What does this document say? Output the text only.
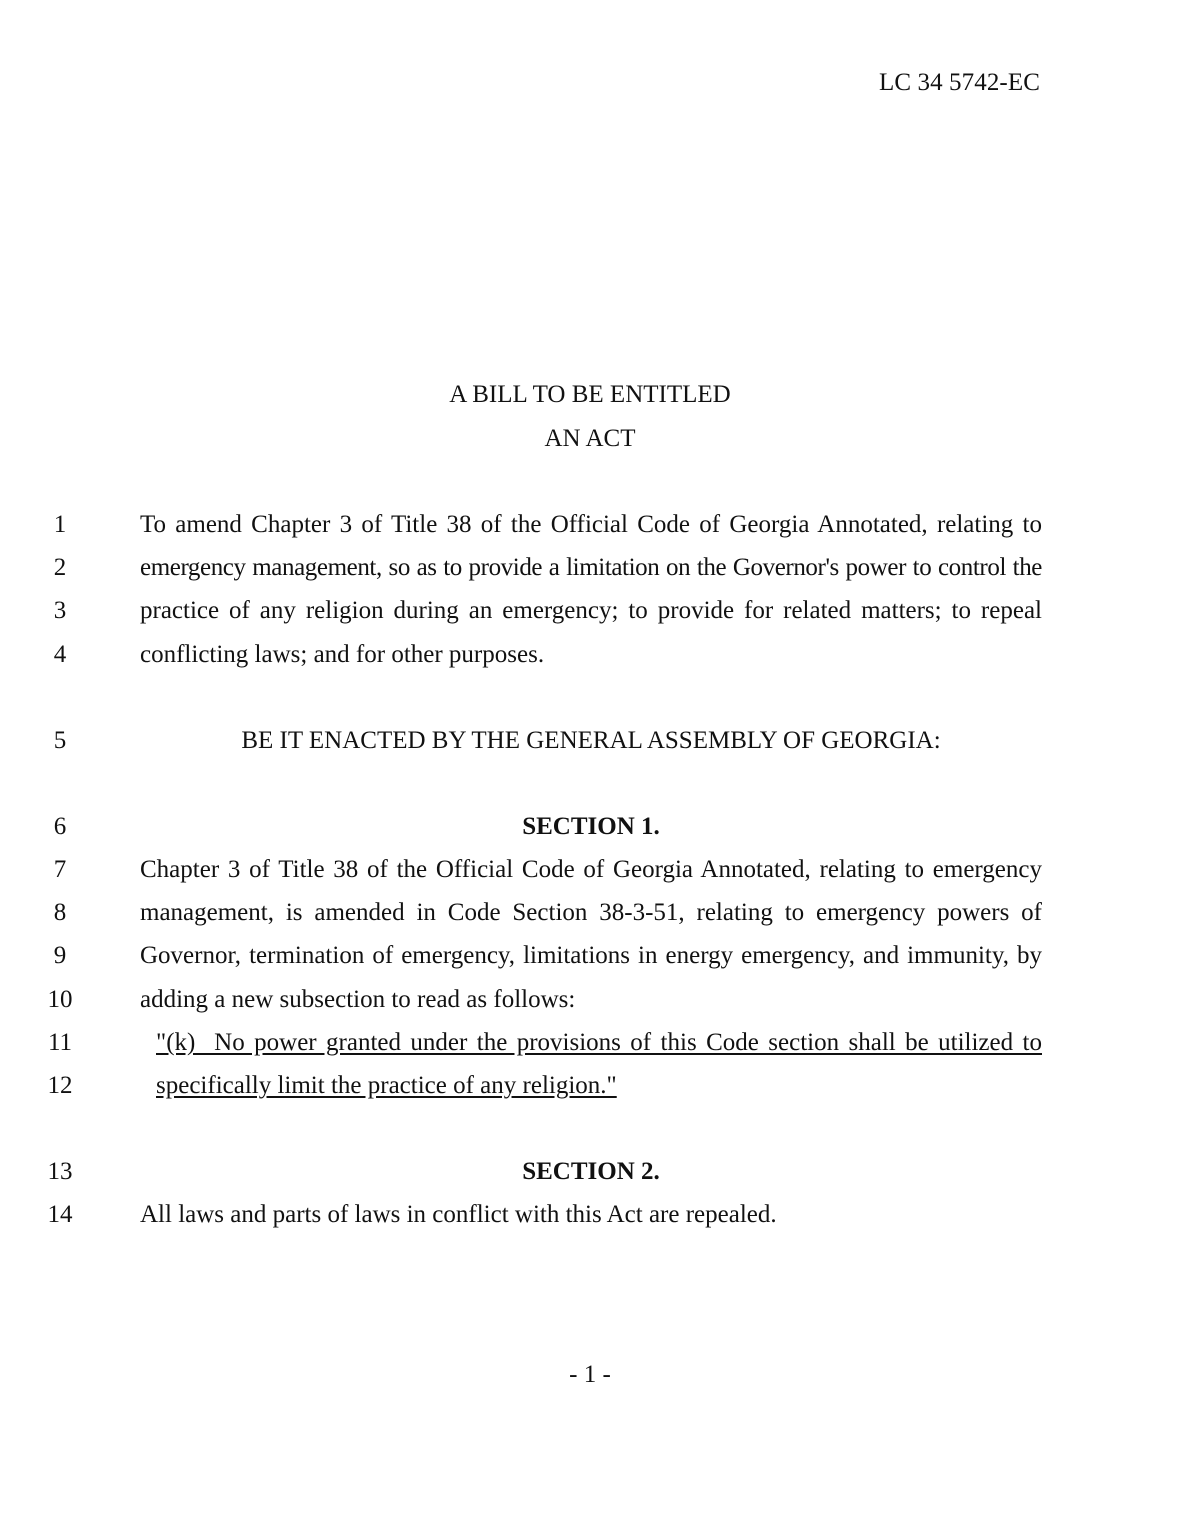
LC 34 5742-EC
A BILL TO BE ENTITLED
AN ACT
1	To amend Chapter 3 of Title 38 of the Official Code of Georgia Annotated, relating to
2	emergency management, so as to provide a limitation on the Governor's power to control the
3	practice of any religion during an emergency; to provide for related matters; to repeal
4	conflicting laws; and for other purposes.
5	BE IT ENACTED BY THE GENERAL ASSEMBLY OF GEORGIA:
6	SECTION 1.
7	Chapter 3 of Title 38 of the Official Code of Georgia Annotated, relating to emergency
8	management, is amended in Code Section 38-3-51, relating to emergency powers of
9	Governor, termination of emergency, limitations in energy emergency, and immunity, by
10	adding a new subsection to read as follows:
11	"(k)  No power granted under the provisions of this Code section shall be utilized to
12	specifically limit the practice of any religion."
13	SECTION 2.
14	All laws and parts of laws in conflict with this Act are repealed.
- 1 -
